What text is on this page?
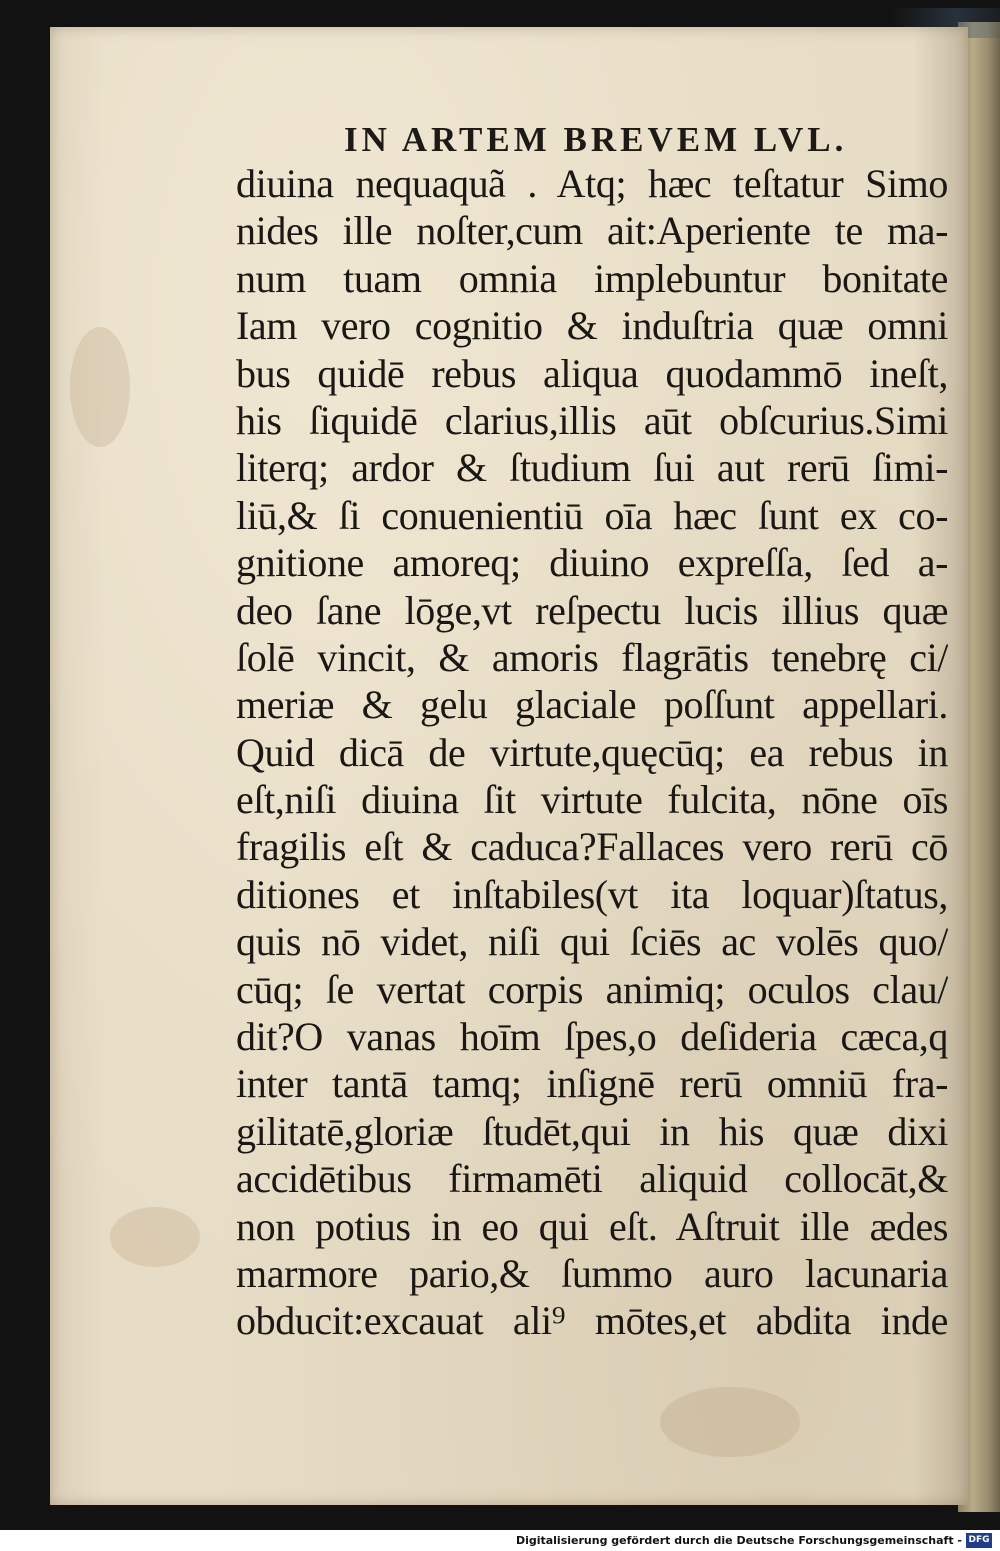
IN ARTEM BREVEM LVL.

diuina nequaquã . Atq; hæc teſtatur Simo
nides ille noſter,cum ait:Aperiente te ma-
num tuam omnia implebuntur bonitate
Iam vero cognitio & induſtria quæ omni
bus quidē rebus aliqua quodammō ineſt,
his ſiquidē clarius,illis aūt obſcurius.Simi
literq; ardor & ſtudium ſui aut rerū ſimi-
liū,& ſi conuenientiū oīa hæc ſunt ex co-
gnitione amoreq; diuino expreſſa, ſed a-
deo ſane lōge,vt reſpectu lucis illius quæ
ſolē vincit, & amoris flagrātis tenebrę ci/
meriæ & gelu glaciale poſſunt appellari.
Quid dicā de virtute,quęcūq; ea rebus in
eſt,niſi diuina ſit virtute fulcita, nōne oīs
fragilis eſt & caduca?Fallaces vero rerū cō
ditiones et inſtabiles(vt ita loquar)ſtatus,
quis nō videt, niſi qui ſciēs ac volēs quo/
cūq; ſe vertat corpis animiq; oculos clau/
dit?O vanas hoīm ſpes,o deſideria cæca,q
inter tantā tamq; inſignē rerū omniū fra-
gilitatē,gloriæ ſtudēt,qui in his quæ dixi
accidētibus firmamēti aliquid collocāt,&
non potius in eo qui eſt. Aſtruit ille ædes
marmore pario,& ſummo auro lacunaria
obducit:excauat ali⁹ mōtes,et abdita inde
Digitalisierung gefördert durch die Deutsche Forschungsgemeinschaft - DFG
